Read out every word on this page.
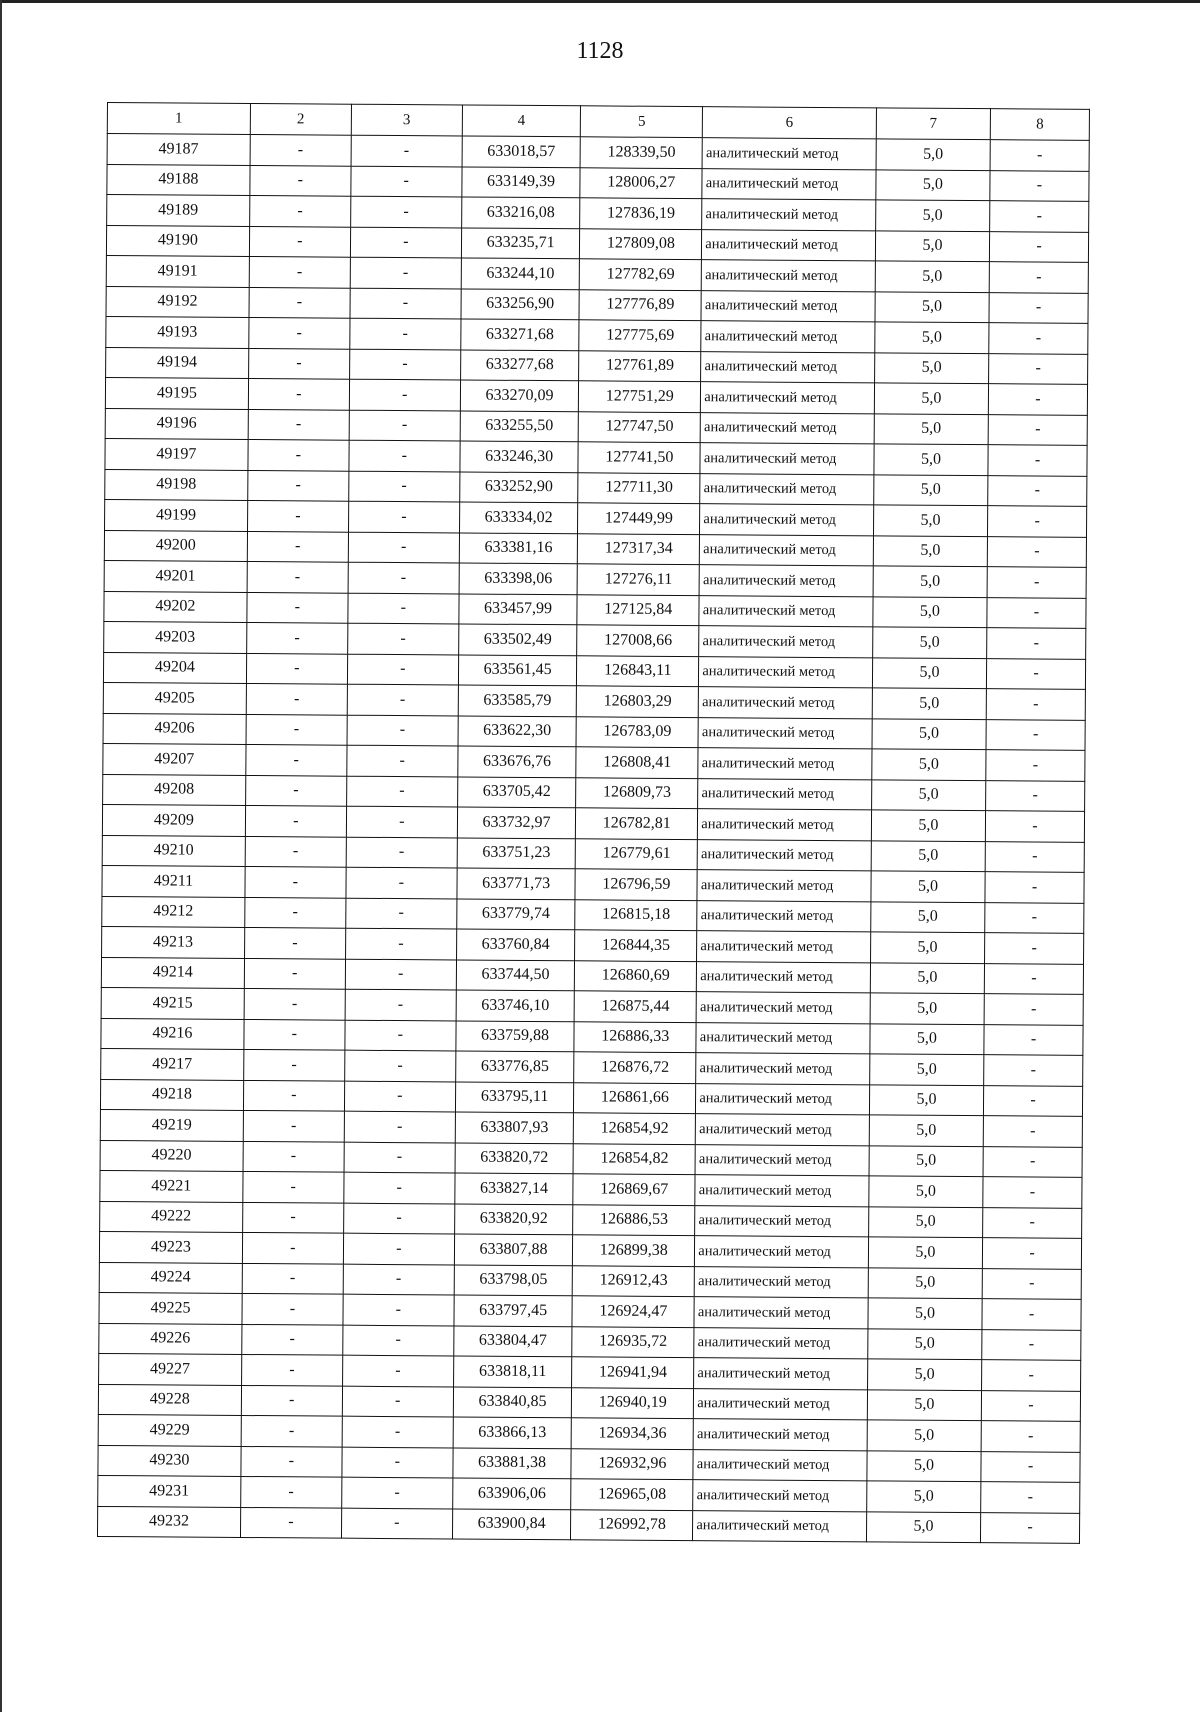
1128
1	2	3	4	5	6	7	8
49187	-	-	633018,57	128339,50	аналитический метод	5,0	-
49188	-	-	633149,39	128006,27	аналитический метод	5,0	-
49189	-	-	633216,08	127836,19	аналитический метод	5,0	-
49190	-	-	633235,71	127809,08	аналитический метод	5,0	-
49191	-	-	633244,10	127782,69	аналитический метод	5,0	-
49192	-	-	633256,90	127776,89	аналитический метод	5,0	-
49193	-	-	633271,68	127775,69	аналитический метод	5,0	-
49194	-	-	633277,68	127761,89	аналитический метод	5,0	-
49195	-	-	633270,09	127751,29	аналитический метод	5,0	-
49196	-	-	633255,50	127747,50	аналитический метод	5,0	-
49197	-	-	633246,30	127741,50	аналитический метод	5,0	-
49198	-	-	633252,90	127711,30	аналитический метод	5,0	-
49199	-	-	633334,02	127449,99	аналитический метод	5,0	-
49200	-	-	633381,16	127317,34	аналитический метод	5,0	-
49201	-	-	633398,06	127276,11	аналитический метод	5,0	-
49202	-	-	633457,99	127125,84	аналитический метод	5,0	-
49203	-	-	633502,49	127008,66	аналитический метод	5,0	-
49204	-	-	633561,45	126843,11	аналитический метод	5,0	-
49205	-	-	633585,79	126803,29	аналитический метод	5,0	-
49206	-	-	633622,30	126783,09	аналитический метод	5,0	-
49207	-	-	633676,76	126808,41	аналитический метод	5,0	-
49208	-	-	633705,42	126809,73	аналитический метод	5,0	-
49209	-	-	633732,97	126782,81	аналитический метод	5,0	-
49210	-	-	633751,23	126779,61	аналитический метод	5,0	-
49211	-	-	633771,73	126796,59	аналитический метод	5,0	-
49212	-	-	633779,74	126815,18	аналитический метод	5,0	-
49213	-	-	633760,84	126844,35	аналитический метод	5,0	-
49214	-	-	633744,50	126860,69	аналитический метод	5,0	-
49215	-	-	633746,10	126875,44	аналитический метод	5,0	-
49216	-	-	633759,88	126886,33	аналитический метод	5,0	-
49217	-	-	633776,85	126876,72	аналитический метод	5,0	-
49218	-	-	633795,11	126861,66	аналитический метод	5,0	-
49219	-	-	633807,93	126854,92	аналитический метод	5,0	-
49220	-	-	633820,72	126854,82	аналитический метод	5,0	-
49221	-	-	633827,14	126869,67	аналитический метод	5,0	-
49222	-	-	633820,92	126886,53	аналитический метод	5,0	-
49223	-	-	633807,88	126899,38	аналитический метод	5,0	-
49224	-	-	633798,05	126912,43	аналитический метод	5,0	-
49225	-	-	633797,45	126924,47	аналитический метод	5,0	-
49226	-	-	633804,47	126935,72	аналитический метод	5,0	-
49227	-	-	633818,11	126941,94	аналитический метод	5,0	-
49228	-	-	633840,85	126940,19	аналитический метод	5,0	-
49229	-	-	633866,13	126934,36	аналитический метод	5,0	-
49230	-	-	633881,38	126932,96	аналитический метод	5,0	-
49231	-	-	633906,06	126965,08	аналитический метод	5,0	-
49232	-	-	633900,84	126992,78	аналитический метод	5,0	-
